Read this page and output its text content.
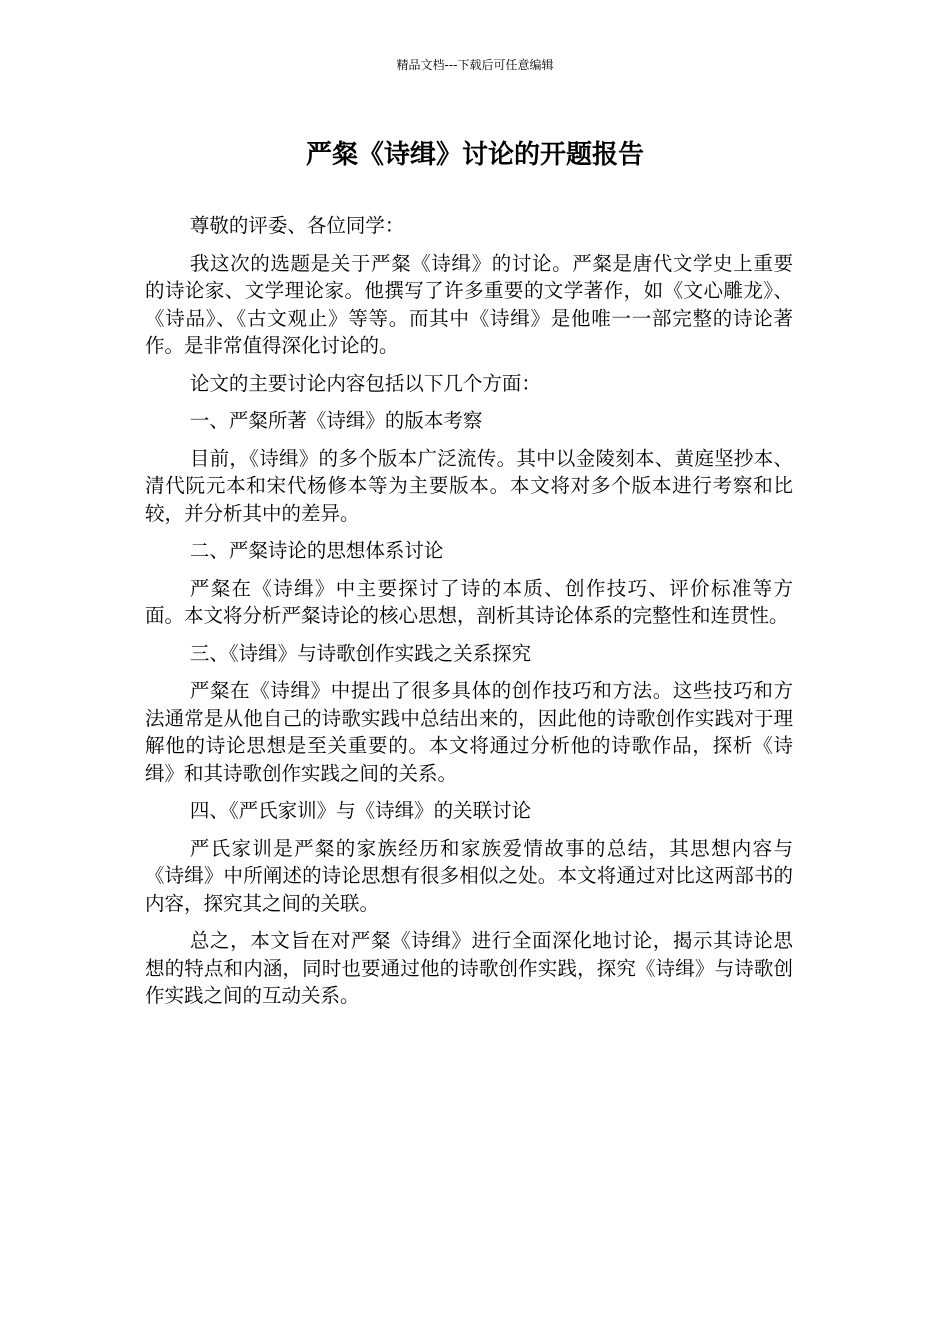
精品文档---下载后可任意编辑
严粲《诗缉》讨论的开题报告

尊敬的评委、各位同学：

我这次的选题是关于严粲《诗缉》的讨论。严粲是唐代文学史上重要的诗论家、文学理论家。他撰写了许多重要的文学著作，如《文心雕龙》、《诗品》、《古文观止》等等。而其中《诗缉》是他唯一一部完整的诗论著作。是非常值得深化讨论的。

论文的主要讨论内容包括以下几个方面：

一、严粲所著《诗缉》的版本考察

目前，《诗缉》的多个版本广泛流传。其中以金陵刻本、黄庭坚抄本、清代阮元本和宋代杨修本等为主要版本。本文将对多个版本进行考察和比较，并分析其中的差异。

二、严粲诗论的思想体系讨论

严粲在《诗缉》中主要探讨了诗的本质、创作技巧、评价标准等方面。本文将分析严粲诗论的核心思想，剖析其诗论体系的完整性和连贯性。

三、《诗缉》与诗歌创作实践之关系探究

严粲在《诗缉》中提出了很多具体的创作技巧和方法。这些技巧和方法通常是从他自己的诗歌实践中总结出来的，因此他的诗歌创作实践对于理解他的诗论思想是至关重要的。本文将通过分析他的诗歌作品，探析《诗缉》和其诗歌创作实践之间的关系。

四、《严氏家训》与《诗缉》的关联讨论

严氏家训是严粲的家族经历和家族爱情故事的总结，其思想内容与《诗缉》中所阐述的诗论思想有很多相似之处。本文将通过对比这两部书的内容，探究其之间的关联。

总之，本文旨在对严粲《诗缉》进行全面深化地讨论，揭示其诗论思想的特点和内涵，同时也要通过他的诗歌创作实践，探究《诗缉》与诗歌创作实践之间的互动关系。
